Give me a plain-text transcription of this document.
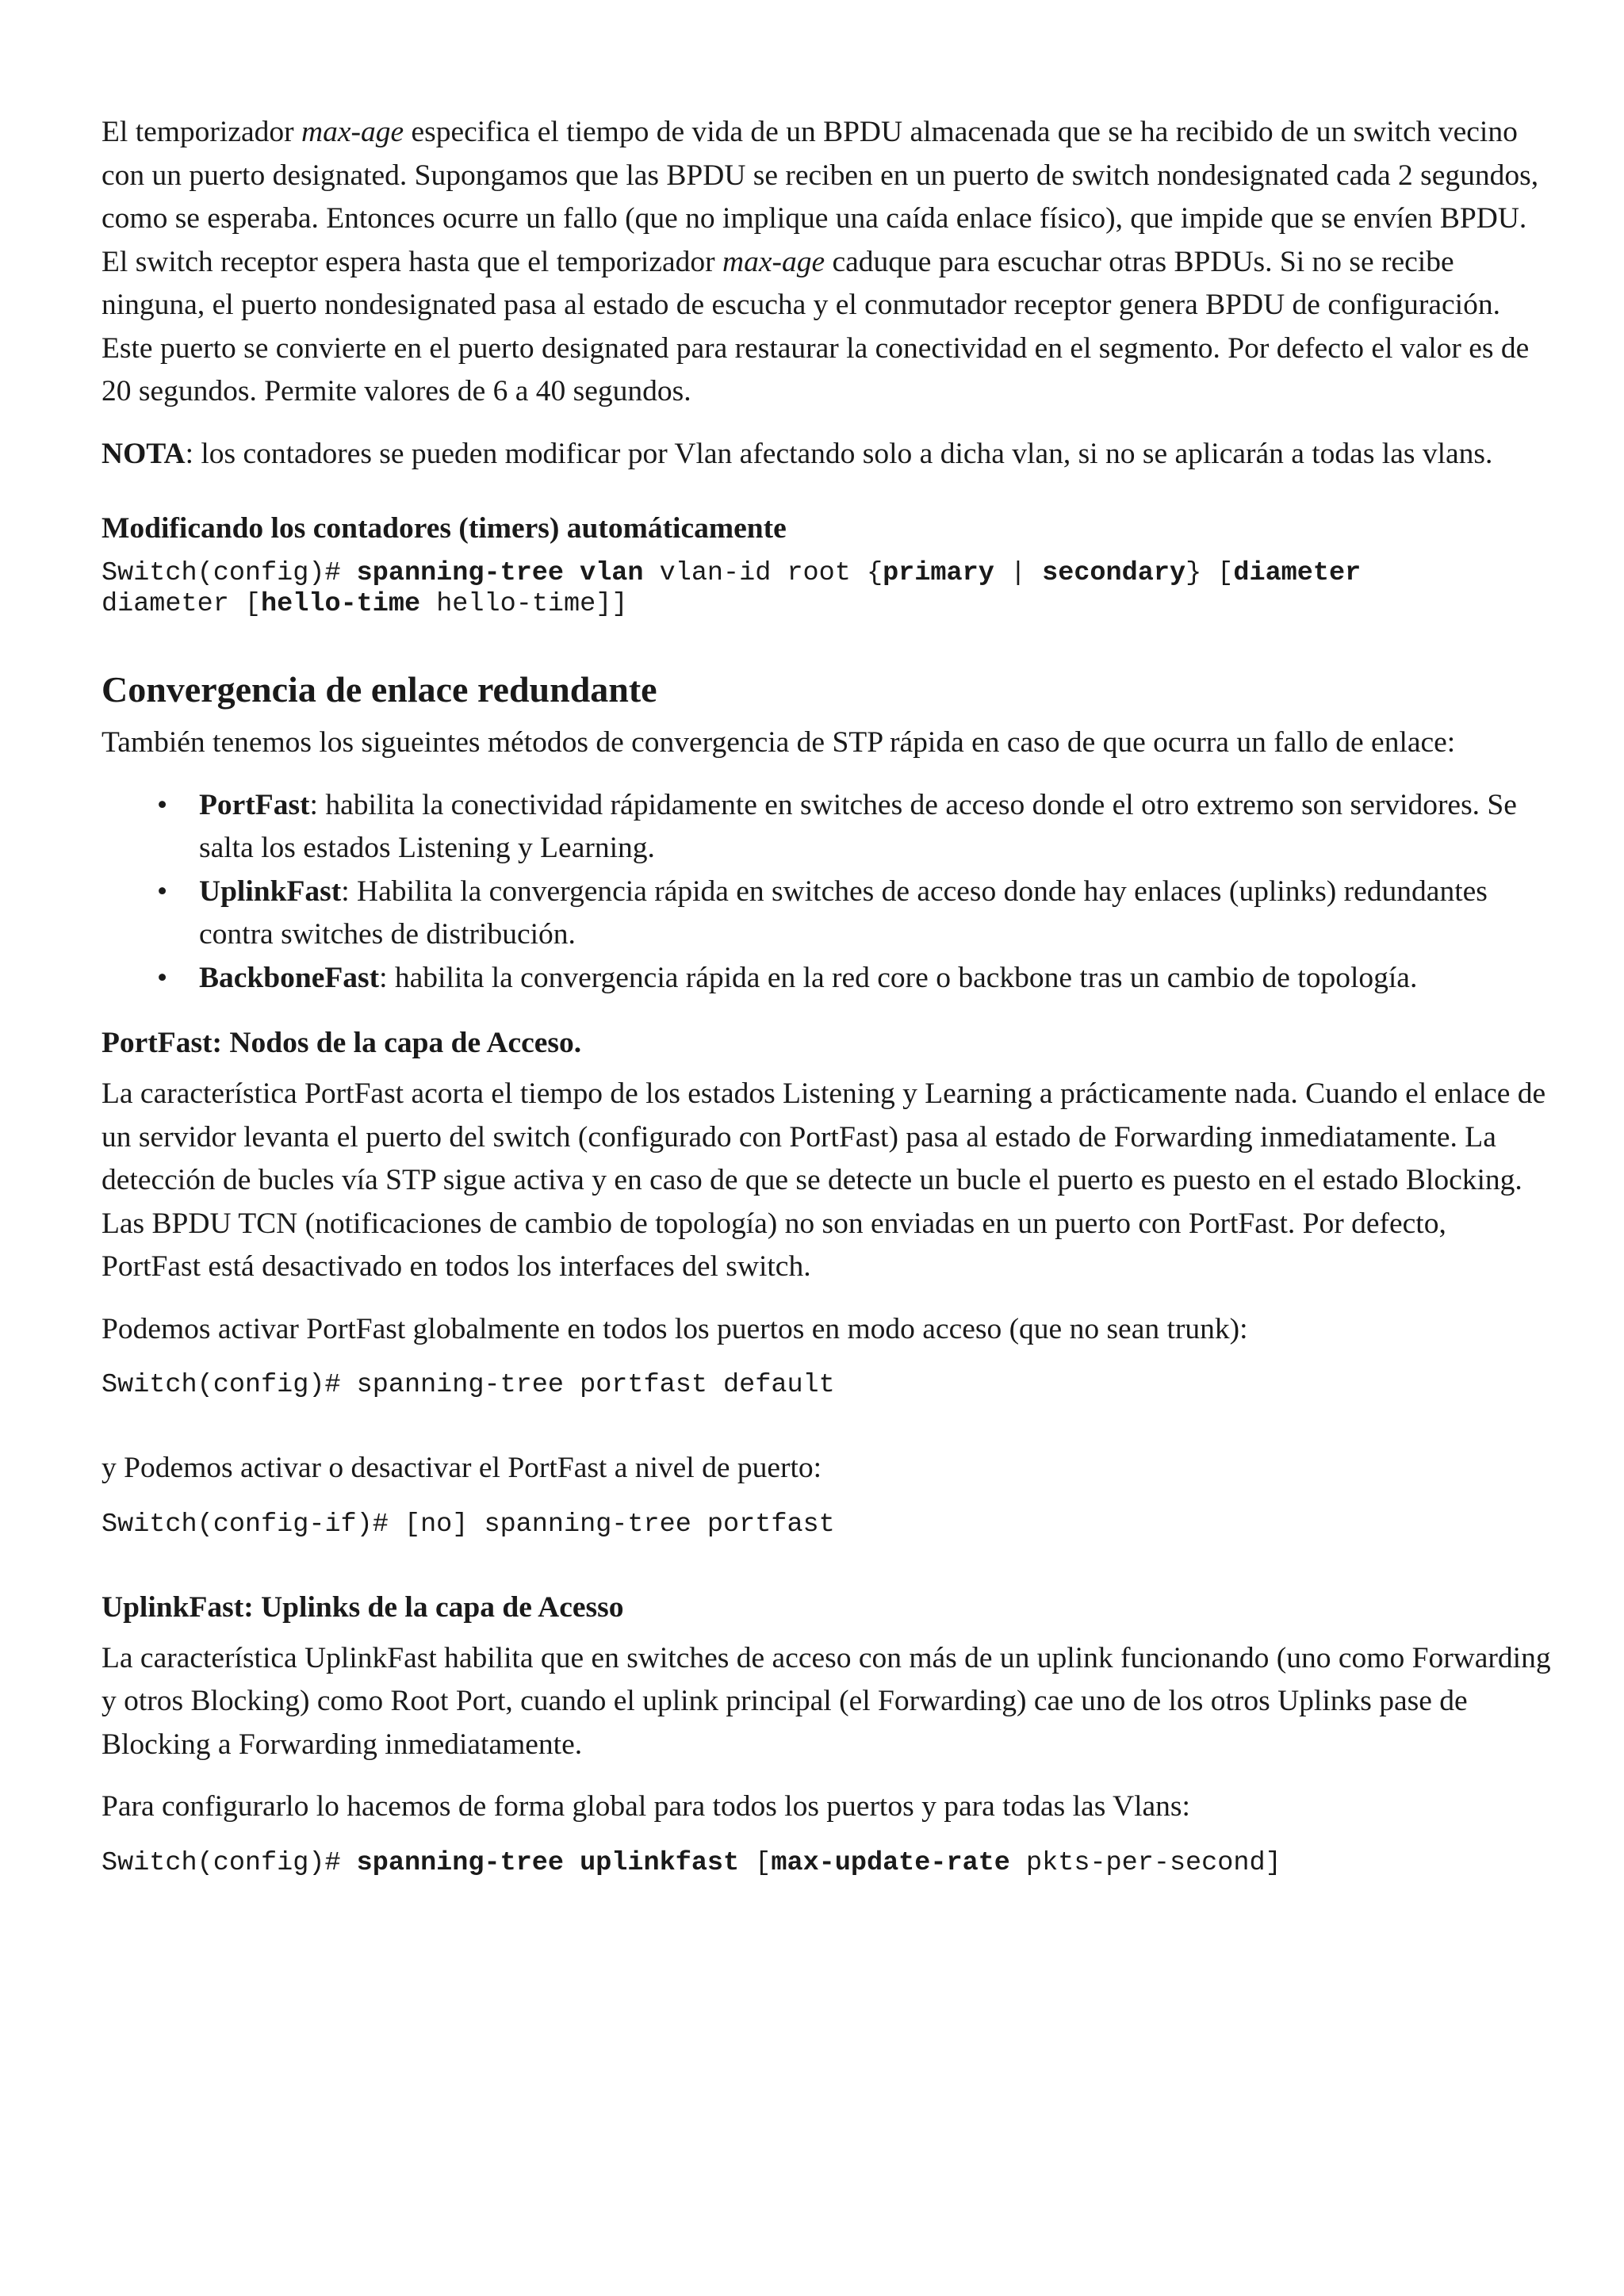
El temporizador max-age especifica el tiempo de vida de un BPDU almacenada que se ha recibido de un switch vecino con un puerto designated. Supongamos que las BPDU se reciben en un puerto de switch nondesignated cada 2 segundos, como se esperaba. Entonces ocurre un fallo (que no implique una caída enlace físico), que impide que se envíen BPDU. El switch receptor espera hasta que el temporizador max-age caduque para escuchar otras BPDUs. Si no se recibe ninguna, el puerto nondesignated pasa al estado de escucha y el conmutador receptor genera BPDU de configuración. Este puerto se convierte en el puerto designated para restaurar la conectividad en el segmento. Por defecto el valor es de 20 segundos. Permite valores de 6 a 40 segundos.

NOTA: los contadores se pueden modificar por Vlan afectando solo a dicha vlan, si no se aplicarán a todas las vlans.

Modificando los contadores (timers) automáticamente
Switch(config)# spanning-tree vlan vlan-id root {primary | secondary} [diameter
diameter [hello-time hello-time]]
Convergencia de enlace redundante

También tenemos los sigueintes métodos de convergencia de STP rápida en caso de que ocurra un fallo de enlace:

• PortFast: habilita la conectividad rápidamente en switches de acceso donde el otro extremo son servidores. Se salta los estados Listening y Learning.
• UplinkFast: Habilita la convergencia rápida en switches de acceso donde hay enlaces (uplinks) redundantes contra switches de distribución.
• BackboneFast: habilita la convergencia rápida en la red core o backbone tras un cambio de topología.
PortFast: Nodos de la capa de Acceso.

La característica PortFast acorta el tiempo de los estados Listening y Learning a prácticamente nada. Cuando el enlace de un servidor levanta el puerto del switch (configurado con PortFast) pasa al estado de Forwarding inmediatamente. La detección de bucles vía STP sigue activa y en caso de que se detecte un bucle el puerto es puesto en el estado Blocking. Las BPDU TCN (notificaciones de cambio de topología) no son enviadas en un puerto con PortFast. Por defecto, PortFast está desactivado en todos los interfaces del switch.

Podemos activar PortFast globalmente en todos los puertos en modo acceso (que no sean trunk):

Switch(config)# spanning-tree portfast default

y Podemos activar o desactivar el PortFast a nivel de puerto:

Switch(config-if)# [no] spanning-tree portfast
UplinkFast: Uplinks de la capa de Acesso

La característica UplinkFast habilita que en switches de acceso con más de un uplink funcionando (uno como Forwarding y otros Blocking) como Root Port, cuando el uplink principal (el Forwarding) cae uno de los otros Uplinks pase de Blocking a Forwarding inmediatamente.

Para configurarlo lo hacemos de forma global para todos los puertos y para todas las Vlans:

Switch(config)# spanning-tree uplinkfast [max-update-rate pkts-per-second]
